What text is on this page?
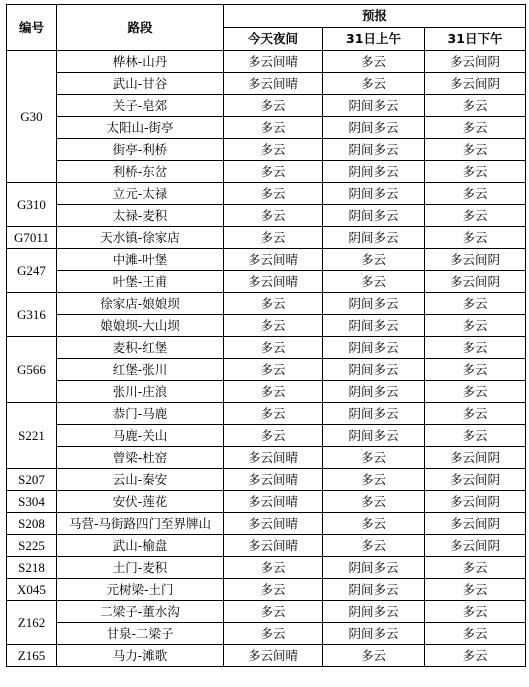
编号	路段	预报		
		今天夜间	31日上午	31日下午
G30	桦林-山丹	多云间晴	多云	多云间阴
	武山-甘谷	多云间晴	多云	多云间阴
	关子-皂郊	多云	阴间多云	多云
	太阳山-街亭	多云	阴间多云	多云
	街亭-利桥	多云	阴间多云	多云
	利桥-东岔	多云	阴间多云	多云
G310	立元-太禄	多云	阴间多云	多云
	太禄-麦积	多云	阴间多云	多云
G7011	天水镇-徐家店	多云	阴间多云	多云
G247	中滩-叶堡	多云间晴	多云	多云间阴
	叶堡-王甫	多云间晴	多云	多云间阴
G316	徐家店-娘娘坝	多云	阴间多云	多云
	娘娘坝-大山坝	多云	阴间多云	多云
G566	麦积-红堡	多云	阴间多云	多云
	红堡-张川	多云	阴间多云	多云
	张川-庄浪	多云	阴间多云	多云
S221	恭门-马鹿	多云	阴间多云	多云
	马鹿-关山	多云	阴间多云	多云
	曾梁-杜窑	多云间晴	多云	多云间阴
S207	云山-秦安	多云间晴	多云	多云间阴
S304	安伏-莲花	多云间晴	多云	多云间阴
S208	马营-马街路四门至界牌山	多云间晴	多云	多云间阴
S225	武山-榆盘	多云间晴	多云	多云间阴
S218	土门-麦积	多云	阴间多云	多云
X045	元树梁-土门	多云	阴间多云	多云
Z162	二梁子-董水沟	多云	阴间多云	多云
	甘泉-二梁子	多云	阴间多云	多云
Z165	马力-滩歌	多云间晴	多云	多云
